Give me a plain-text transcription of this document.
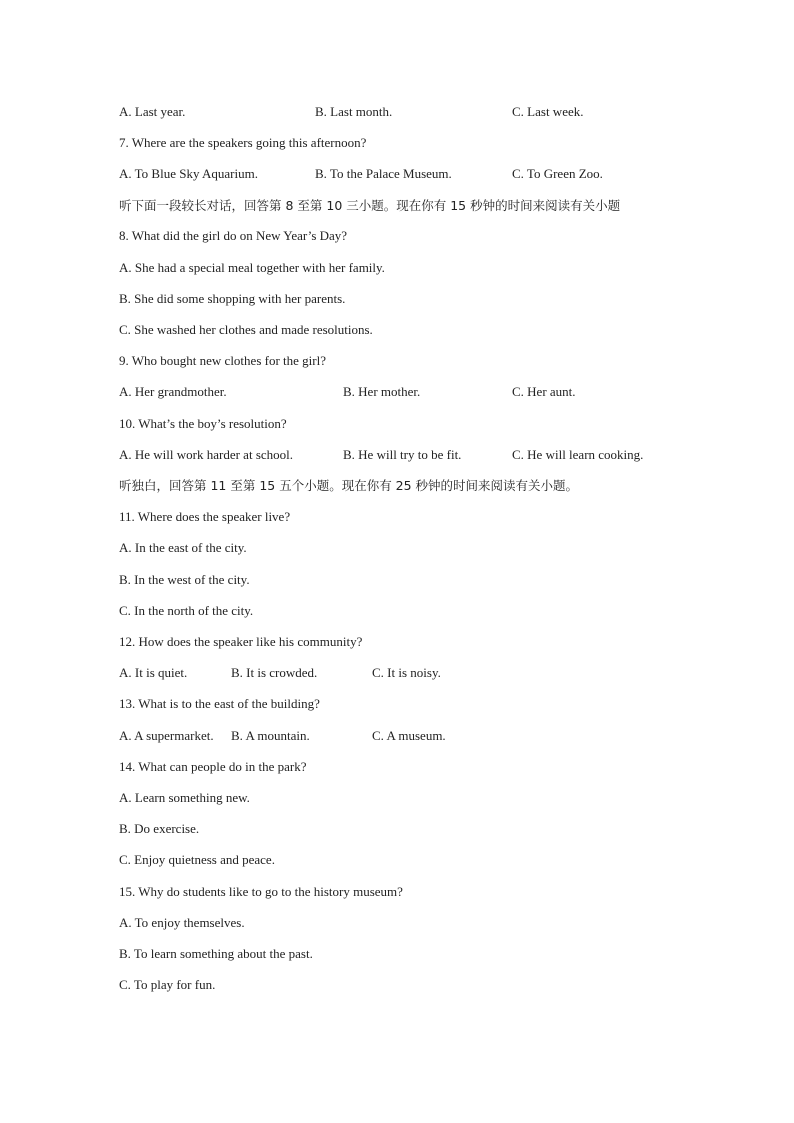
A. Last year.	B. Last month.	C. Last week.
7. Where are the speakers going this afternoon?
A. To Blue Sky Aquarium.	B. To the Palace Museum.	C. To Green Zoo.
听下面一段较长对话，回答第 8 至第 10 三小题。现在你有 15 秒钟的时间来阅读有关小题
8. What did the girl do on New Year’s Day?
A. She had a special meal together with her family.
B. She did some shopping with her parents.
C. She washed her clothes and made resolutions.
9. Who bought new clothes for the girl?
A. Her grandmother.	B. Her mother.	C. Her aunt.
10. What’s the boy’s resolution?
A. He will work harder at school.	B. He will try to be fit.	C. He will learn cooking.
听独白，回答第 11 至第 15 五个小题。现在你有 25 秒钟的时间来阅读有关小题。
11. Where does the speaker live?
A. In the east of the city.
B. In the west of the city.
C. In the north of the city.
12. How does the speaker like his community?
A. It is quiet.	B. It is crowded.	C. It is noisy.
13. What is to the east of the building?
A. A supermarket. B. A mountain.	C. A museum.
14. What can people do in the park?
A. Learn something new.
B. Do exercise.
C. Enjoy quietness and peace.
15. Why do students like to go to the history museum?
A. To enjoy themselves.
B. To learn something about the past.
C. To play for fun.
